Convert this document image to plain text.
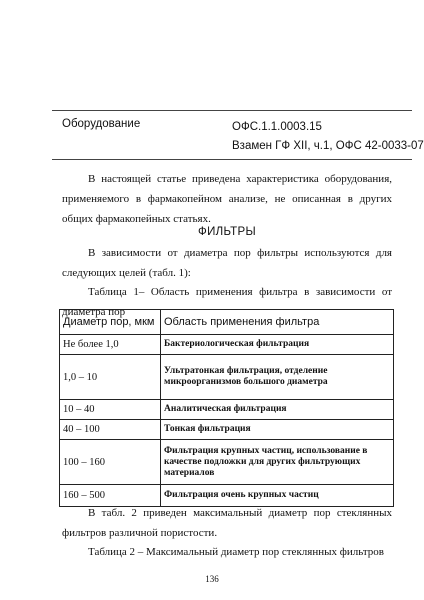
Оборудование	ОФС.1.1.0003.15
Взамен ГФ XII, ч.1, ОФС 42-0033-07
В настоящей статье приведена характеристика оборудования, применяемого в фармакопейном анализе, не описанная в других общих фармакопейных статьях.
ФИЛЬТРЫ
В зависимости от диаметра пор фильтры используются для следующих целей (табл. 1):
Таблица 1– Область применения фильтра в зависимости от диаметра пор
Диаметр пор, мкм	Область применения фильтра
Не более 1,0	Бактериологическая фильтрация
1,0 – 10	Ультратонкая фильтрация, отделение микроорганизмов большого диаметра
10 – 40	Аналитическая фильтрация
40 – 100	Тонкая фильтрация
100 – 160	Фильтрация крупных частиц, использование в качестве подложки для других фильтрующих материалов
160 – 500	Фильтрация очень крупных частиц
В табл. 2 приведен максимальный диаметр пор стеклянных фильтров различной пористости.
Таблица 2 – Максимальный диаметр пор стеклянных фильтров
136
